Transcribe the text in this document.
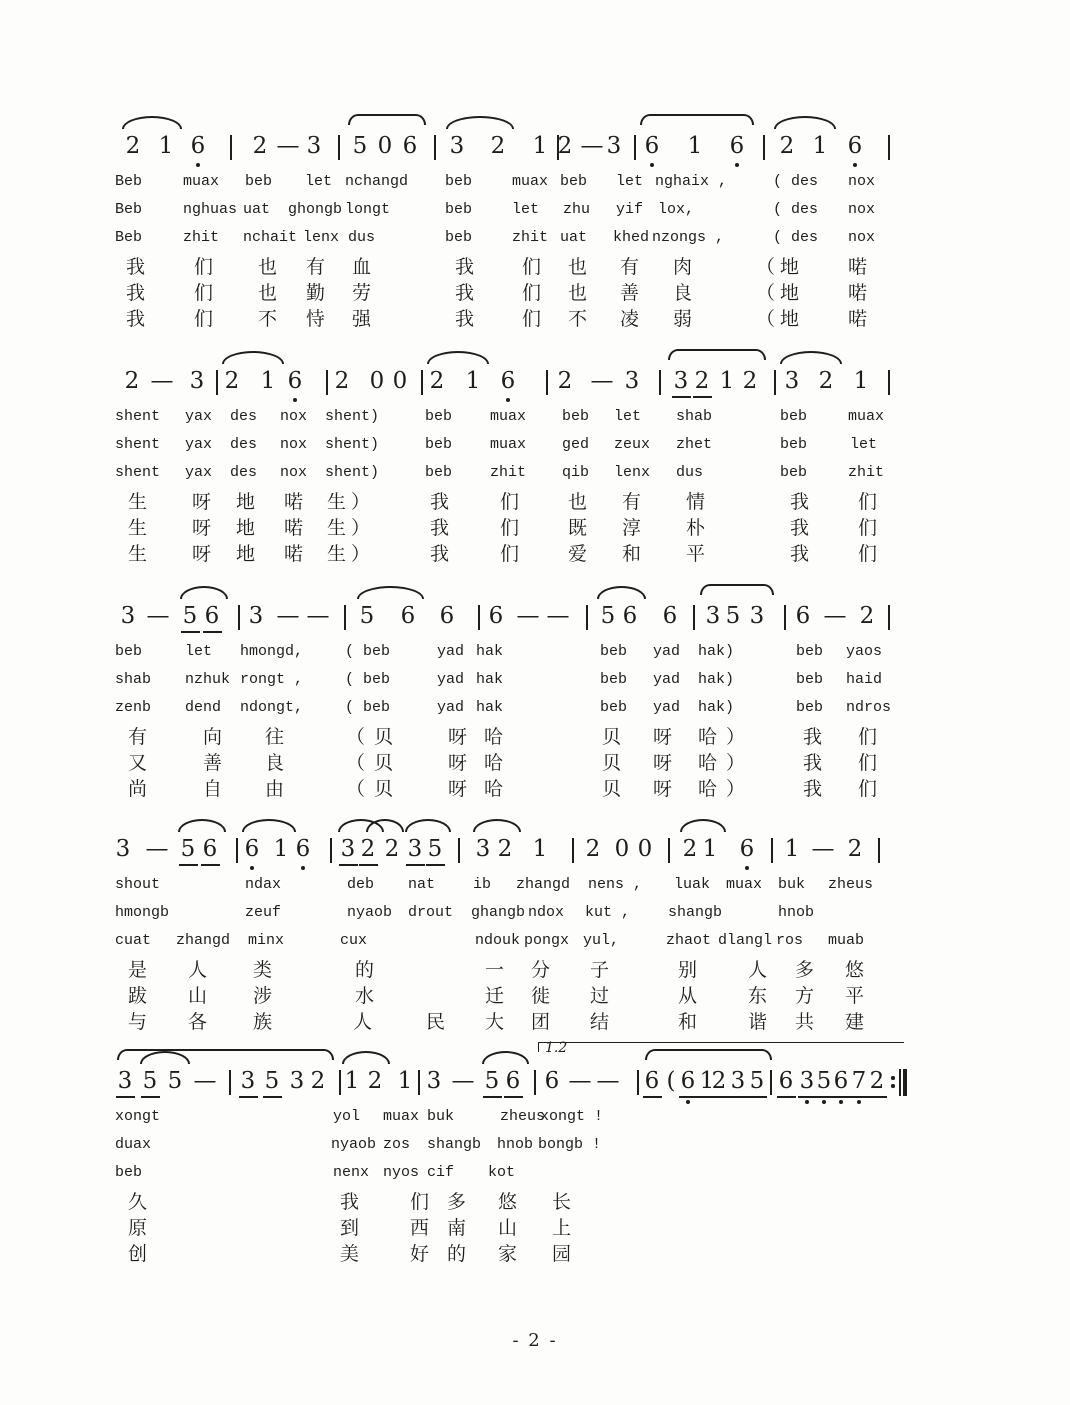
2 1 6 2 — 3 5 0 6 3 2 1 2 — 3 6 1 6 2 1 6
Beb	muax beb let nchangd beb	muax beb let nghaix ,	( des nox
Beb	nghuas uat ghongb longt	beb	let zhu yif lox,	( des nox
Beb	zhit nchait lenx dus	beb	zhit uat khed nzongs ,	( des nox
我	们 也 有 血	我	们 也 有 肉	（ 地	喏
我	们 也 勤 劳	我	们 也 善 良	（ 地	喏
我	们 不 恃 强	我	们 不 凌 弱	（ 地	喏
2 — 3 2 1 6 2 0 0 2 1 6 2 — 3 3 2 1 2 3 2 1
shent yax des nox shent)	beb	muax beb let shab	beb	muax
shent yax des nox shent)	beb	muax ged zeux zhet	beb	let
shent yax des nox shent)	beb	zhit qib lenx dus	beb	zhit
生 呀 地 喏 生 ）	我	们	也 有 情	我	们
生 呀 地 喏 生 ）	我	们	既 淳 朴	我	们
生 呀 地 喏 生 ）	我	们	爱 和 平	我	们
3 — 5 6 3 — — 5 6 6 6 — — 5 6 6 3 5 3 6 — 2
beb	let hmongd,	( beb	yad hak	beb yad hak)	beb yaos
shab nzhuk rongt ,	( beb	yad hak	beb yad hak)	beb haid
zenb dend ndongt,	( beb	yad hak	beb yad hak)	beb ndros
有	向 往	（ 贝	呀 哈	贝 呀 哈 ）	我 们
又	善 良	（ 贝	呀 哈	贝 呀 哈 ）	我 们
尚	自 由	（ 贝	呀 哈	贝 呀 哈 ）	我 们
3 — 5 6 6 1 6 3 2 2 3 5 3 2 1 2 0 0 2 1 6 1 — 2
shout	ndax	deb nat	ib zhangd nens , luak muax buk zheus
hmongb	zeuf	nyaob drout ghangb ndox kut ,	shangb	hnob
cuat zhangd minx	cux	ndouk pongx yul,	zhaot dlangl ros muab
是 人 类	的	一 分 子	别	人 多 悠
跋 山 涉	水	迁 徙 过	从	东 方 平
与 各 族	人	民 大 团 结	和	谐 共 建
3 5 5 — 3 5 3 2 1 2 1 3 — 5 6 6 — — 6 ( 6 1
2 3 5 6 3 5 6 7 2
1.2
xongt	yol muax buk	zheus
xongt !
duax	nyaob zos shangb hnob bongb !
beb	nenx nyos cif kot
久	我	们 多 悠 长
原	到	西 南 山 上
创	美	好 的 家 园
- 2 -
